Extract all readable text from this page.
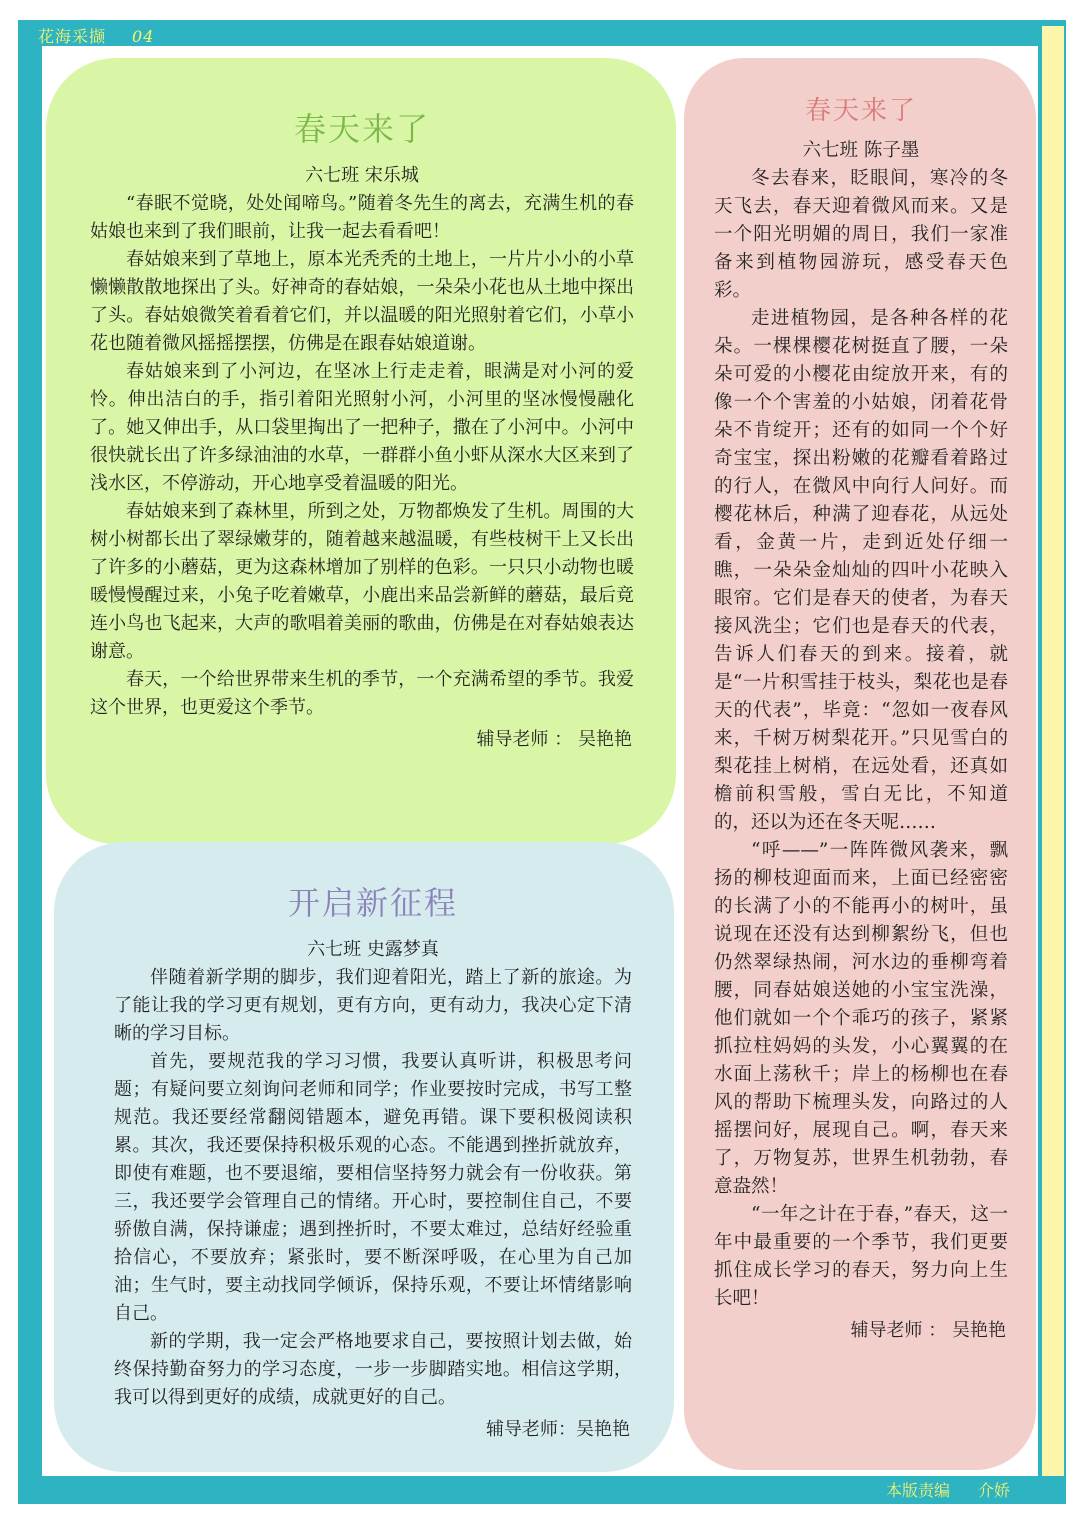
花海采撷 04
春天来了
六七班 宋乐城

“春眠不觉晓，处处闻啼鸟。”随着冬先生的离去，充满生机的春姑娘也来到了我们眼前，让我一起去看看吧！

春姑娘来到了草地上，原本光秃秃的土地上，一片片小小的小草懒懒散散地探出了头。好神奇的春姑娘，一朵朵小花也从土地中探出了头。春姑娘微笑着看着它们，并以温暖的阳光照射着它们，小草小花也随着微风摇摇摆摆，仿佛是在跟春姑娘道谢。

春姑娘来到了小河边，在坚冰上行走走着，眼满是对小河的爱怜。伸出洁白的手，指引着阳光照射小河，小河里的坚冰慢慢融化了。她又伸出手，从口袋里掏出了一把种子，撒在了小河中。小河中很快就长出了许多绿油油的水草，一群群小鱼小虾从深水大区来到了浅水区，不停游动，开心地享受着温暖的阳光。

春姑娘来到了森林里，所到之处，万物都焕发了生机。周围的大树小树都长出了翠绿嫩芽的，随着越来越温暖，有些枝树干上又长出了许多的小蘑菇，更为这森林增加了别样的色彩。一只只小动物也暖暖慢慢醒过来，小兔子吃着嫩草，小鹿出来品尝新鲜的蘑菇，最后竟连小鸟也飞起来，大声的歌唱着美丽的歌曲，仿佛是在对春姑娘表达谢意。

春天，一个给世界带来生机的季节，一个充满希望的季节。我爱这个世界，也更爱这个季节。

辅导老师 ： 吴艳艳
开启新征程
六七班 史露梦真

伴随着新学期的脚步，我们迎着阳光，踏上了新的旅途。为了能让我的学习更有规划，更有方向，更有动力，我决心定下清晰的学习目标。

首先，要规范我的学习习惯，我要认真听讲，积极思考问题；有疑问要立刻询问老师和同学；作业要按时完成，书写工整规范。我还要经常翻阅错题本，避免再错。课下要积极阅读积累。其次，我还要保持积极乐观的心态。不能遇到挫折就放弃，即使有难题，也不要退缩，要相信坚持努力就会有一份收获。第三，我还要学会管理自己的情绪。开心时，要控制住自己，不要骄傲自满，保持谦虚；遇到挫折时，不要太难过，总结好经验重拾信心，不要放弃；紧张时，要不断深呼吸，在心里为自己加油；生气时，要主动找同学倾诉，保持乐观，不要让坏情绪影响自己。

新的学期，我一定会严格地要求自己，要按照计划去做，始终保持勤奋努力的学习态度，一步一步脚踏实地。相信这学期，我可以得到更好的成绩，成就更好的自己。

辅导老师：吴艳艳
春天来了
六七班 陈子墨

冬去春来，眨眼间，寒冷的冬天飞去，春天迎着微风而来。又是一个阳光明媚的周日，我们一家准备来到植物园游玩，感受春天色彩。

走进植物园，是各种各样的花朵。一棵棵樱花树挺直了腰，一朵朵可爱的小樱花由绽放开来，有的像一个个害羞的小姑娘，闭着花骨朵不肯绽开；还有的如同一个个好奇宝宝，探出粉嫩的花瓣看着路过的行人，在微风中向行人问好。而樱花林后，种满了迎春花，从远处看，金黄一片，走到近处仔细一瞧，一朵朵金灿灿的四叶小花映入眼帘。它们是春天的使者，为春天接风洗尘；它们也是春天的代表，告诉人们春天的到来。接着，就是“一片积雪挂于枝头，梨花也是春天的代表”，毕竟：“忽如一夜春风来，千树万树梨花开。”只见雪白的梨花挂上树梢，在远处看，还真如檐前积雪般，雪白无比，不知道的，还以为还在冬天呢……

“呼——”一阵阵微风袭来，飘扬的柳枝迎面而来，上面已经密密的长满了小的不能再小的树叶，虽说现在还没有达到柳絮纷飞，但也仍然翠绿热闹，河水边的垂柳弯着腰，同春姑娘送她的小宝宝洗澡，他们就如一个个乖巧的孩子，紧紧抓拉柱妈妈的头发，小心翼翼的在水面上荡秋千；岸上的杨柳也在春风的帮助下梳理头发，向路过的人摇摆问好，展现自己。啊，春天来了，万物复苏，世界生机勃勃，春意盎然！

“一年之计在于春，”春天，这一年中最重要的一个季节，我们更要抓住成长学习的春天，努力向上生长吧！

辅导老师 ： 吴艳艳
本版责编 介娇
